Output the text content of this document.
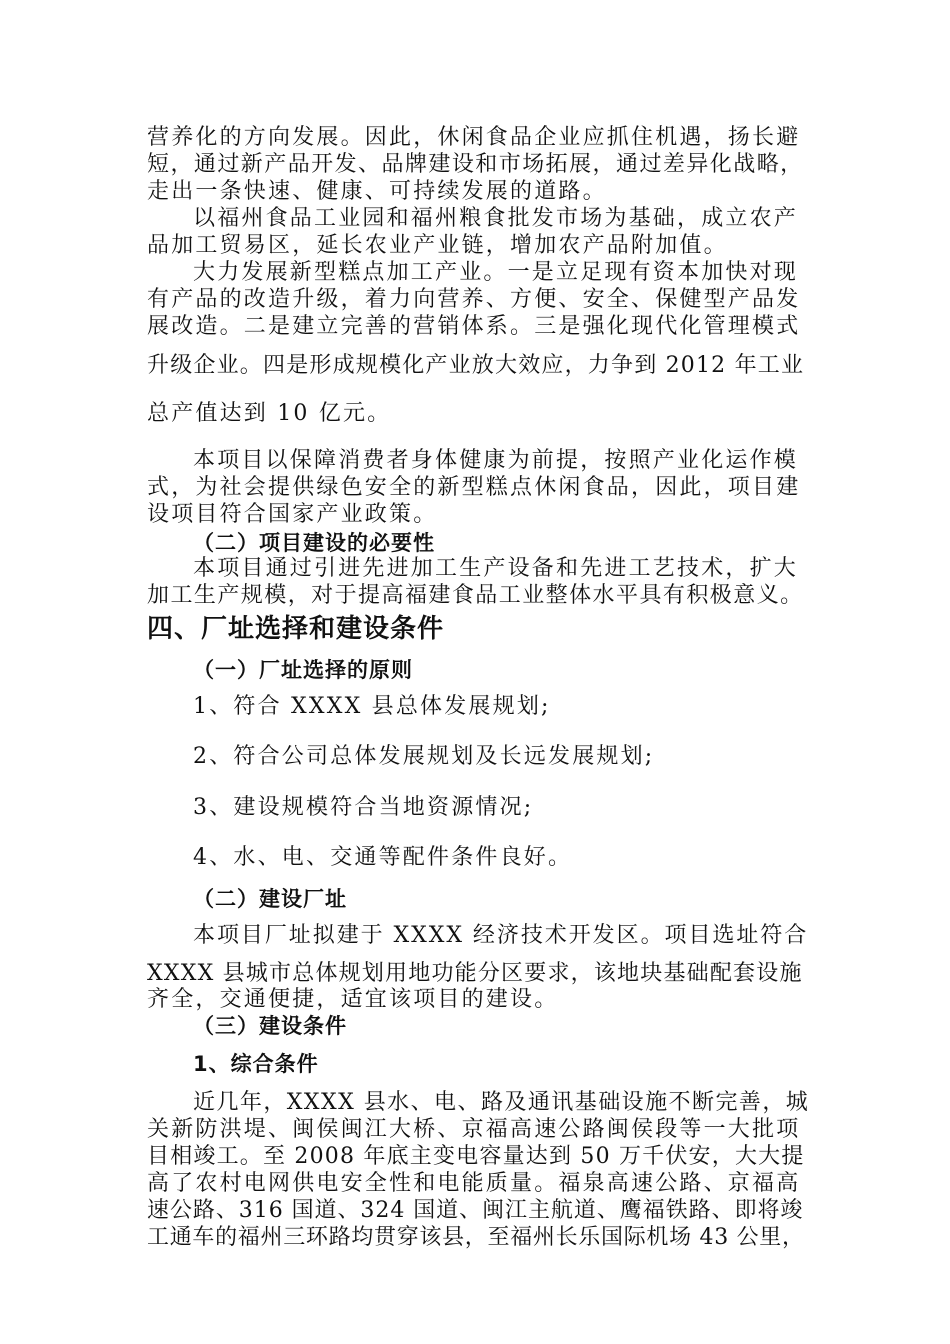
营养化的方向发展。因此，休闲食品企业应抓住机遇，扬长避
短，通过新产品开发、品牌建设和市场拓展，通过差异化战略，
走出一条快速、健康、可持续发展的道路。
以福州食品工业园和福州粮食批发市场为基础，成立农产
品加工贸易区，延长农业产业链，增加农产品附加值。
大力发展新型糕点加工产业。一是立足现有资本加快对现
有产品的改造升级，着力向营养、方便、安全、保健型产品发
展改造。二是建立完善的营销体系。三是强化现代化管理模式
升级企业。四是形成规模化产业放大效应，力争到 2012 年工业
总产值达到 10 亿元。
本项目以保障消费者身体健康为前提，按照产业化运作模
式，为社会提供绿色安全的新型糕点休闲食品，因此，项目建
设项目符合国家产业政策。
（二）项目建设的必要性
本项目通过引进先进加工生产设备和先进工艺技术，扩大
加工生产规模，对于提高福建食品工业整体水平具有积极意义。
四、厂址选择和建设条件
（一）厂址选择的原则
1、符合 XXXX 县总体发展规划;
2、符合公司总体发展规划及长远发展规划;
3、建设规模符合当地资源情况;
4、水、电、交通等配件条件良好。
（二）建设厂址
本项目厂址拟建于 XXXX 经济技术开发区。项目选址符合
XXXX 县城市总体规划用地功能分区要求，该地块基础配套设施
齐全，交通便捷，适宜该项目的建设。
（三）建设条件
1、综合条件
近几年，XXXX 县水、电、路及通讯基础设施不断完善，城
关新防洪堤、闽侯闽江大桥、京福高速公路闽侯段等一大批项
目相竣工。至 2008 年底主变电容量达到 50 万千伏安，大大提
高了农村电网供电安全性和电能质量。福泉高速公路、京福高
速公路、316 国道、324 国道、闽江主航道、鹰福铁路、即将竣
工通车的福州三环路均贯穿该县，至福州长乐国际机场 43 公里，
